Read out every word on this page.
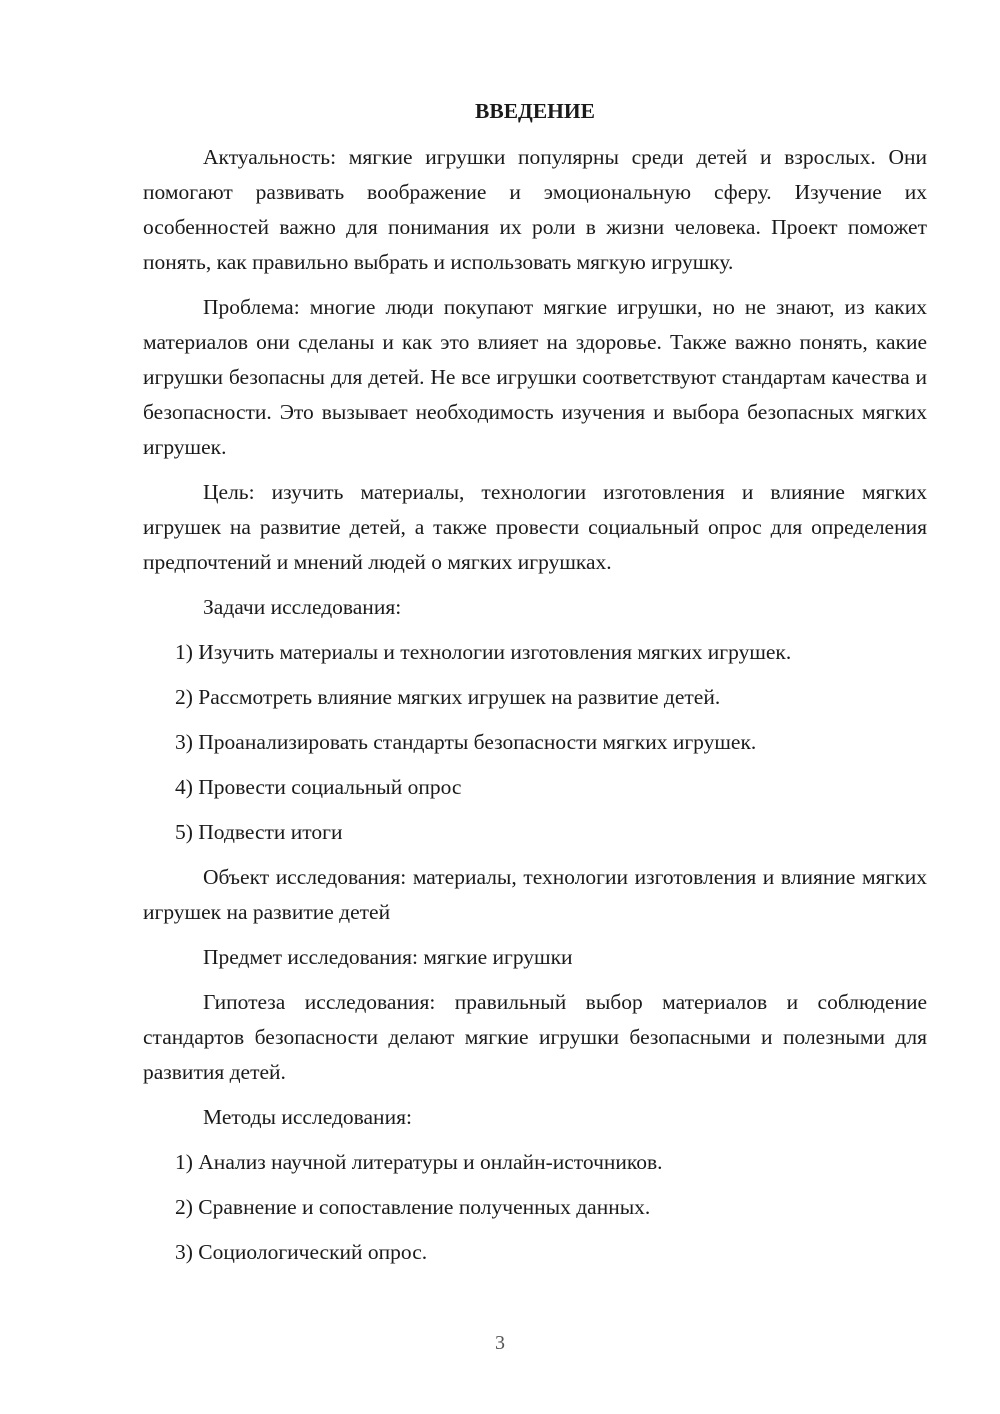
ВВЕДЕНИЕ

Актуальность: мягкие игрушки популярны среди детей и взрослых. Они помогают развивать воображение и эмоциональную сферу. Изучение их особенностей важно для понимания их роли в жизни человека. Проект поможет понять, как правильно выбрать и использовать мягкую игрушку.

Проблема: многие люди покупают мягкие игрушки, но не знают, из каких материалов они сделаны и как это влияет на здоровье. Также важно понять, какие игрушки безопасны для детей. Не все игрушки соответствуют стандартам качества и безопасности. Это вызывает необходимость изучения и выбора безопасных мягких игрушек.

Цель: изучить материалы, технологии изготовления и влияние мягких игрушек на развитие детей, а также провести социальный опрос для определения предпочтений и мнений людей о мягких игрушках.

Задачи исследования:

1) Изучить материалы и технологии изготовления мягких игрушек.
2) Рассмотреть влияние мягких игрушек на развитие детей.
3) Проанализировать стандарты безопасности мягких игрушек.
4) Провести социальный опрос
5) Подвести итоги

Объект исследования: материалы, технологии изготовления и влияние мягких игрушек на развитие детей

Предмет исследования: мягкие игрушки

Гипотеза исследования: правильный выбор материалов и соблюдение стандартов безопасности делают мягкие игрушки безопасными и полезными для развития детей.

Методы исследования:

1) Анализ научной литературы и онлайн-источников.
2) Сравнение и сопоставление полученных данных.
3) Социологический опрос.
3
